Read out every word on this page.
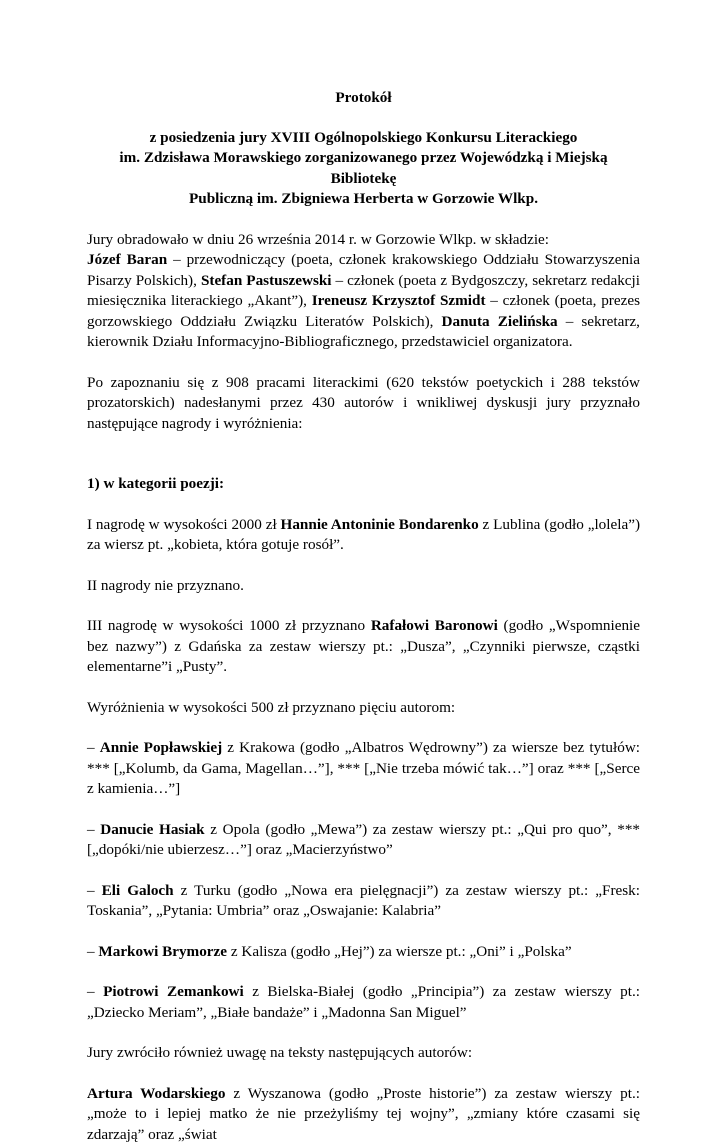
Protokół

z posiedzenia jury XVIII Ogólnopolskiego Konkursu Literackiego
im. Zdzisława Morawskiego zorganizowanego przez Wojewódzką i Miejską Bibliotekę
Publiczną im. Zbigniewa Herberta w Gorzowie Wlkp.

Jury obradowało w dniu 26 września 2014 r. w Gorzowie Wlkp. w składzie:

Józef Baran – przewodniczący (poeta, członek krakowskiego Oddziału Stowarzyszenia Pisarzy Polskich), Stefan Pastuszewski – członek (poeta z Bydgoszczy, sekretarz redakcji miesięcznika literackiego „Akant”), Ireneusz Krzysztof Szmidt – członek (poeta, prezes gorzowskiego Oddziału Związku Literatów Polskich), Danuta Zielińska – sekretarz, kierownik Działu Informacyjno-Bibliograficznego, przedstawiciel organizatora.

Po zapoznaniu się z 908 pracami literackimi (620 tekstów poetyckich i 288 tekstów prozatorskich) nadesłanymi przez 430 autorów i wnikliwej dyskusji jury przyznało następujące nagrody i wyróżnienia:

1) w kategorii poezji:

I nagrodę w wysokości 2000 zł Hannie Antoninie Bondarenko z Lublina (godło „lolela”) za wiersz pt. „kobieta, która gotuje rosół”.

II nagrody nie przyznano.

III nagrodę w wysokości 1000 zł przyznano Rafałowi Baronowi (godło „Wspomnienie bez nazwy”) z Gdańska za zestaw wierszy pt.: „Dusza”, „Czynniki pierwsze, cząstki elementarne”i „Pusty”.

Wyróżnienia w wysokości 500 zł przyznano pięciu autorom:

– Annie Popławskiej z Krakowa (godło „Albatros Wędrowny”) za wiersze bez tytułów: *** [„Kolumb, da Gama, Magellan…”], *** [„Nie trzeba mówić tak…”] oraz *** [„Serce z kamienia…”]

– Danucie Hasiak z Opola (godło „Mewa”) za zestaw wierszy pt.: „Qui pro quo”, *** [„dopóki/nie ubierzesz…”] oraz „Macierzyństwo”

– Eli Galoch z Turku (godło „Nowa era pielęgnacji”) za zestaw wierszy pt.: „Fresk: Toskania”, „Pytania: Umbria” oraz „Oswajanie: Kalabria”

– Markowi Brymorze z Kalisza (godło „Hej”) za wiersze pt.: „Oni” i „Polska”

– Piotrowi Zemankowi z Bielska-Białej (godło „Principia”) za zestaw wierszy pt.: „Dziecko Meriam”, „Białe bandaże” i „Madonna San Miguel”

Jury zwróciło również uwagę na teksty następujących autorów:

Artura Wodarskiego z Wyszanowa (godło „Proste historie”) za zestaw wierszy pt.: „może to i lepiej matko że nie przeżyliśmy tej wojny”, „zmiany które czasami się zdarzają” oraz „świat
